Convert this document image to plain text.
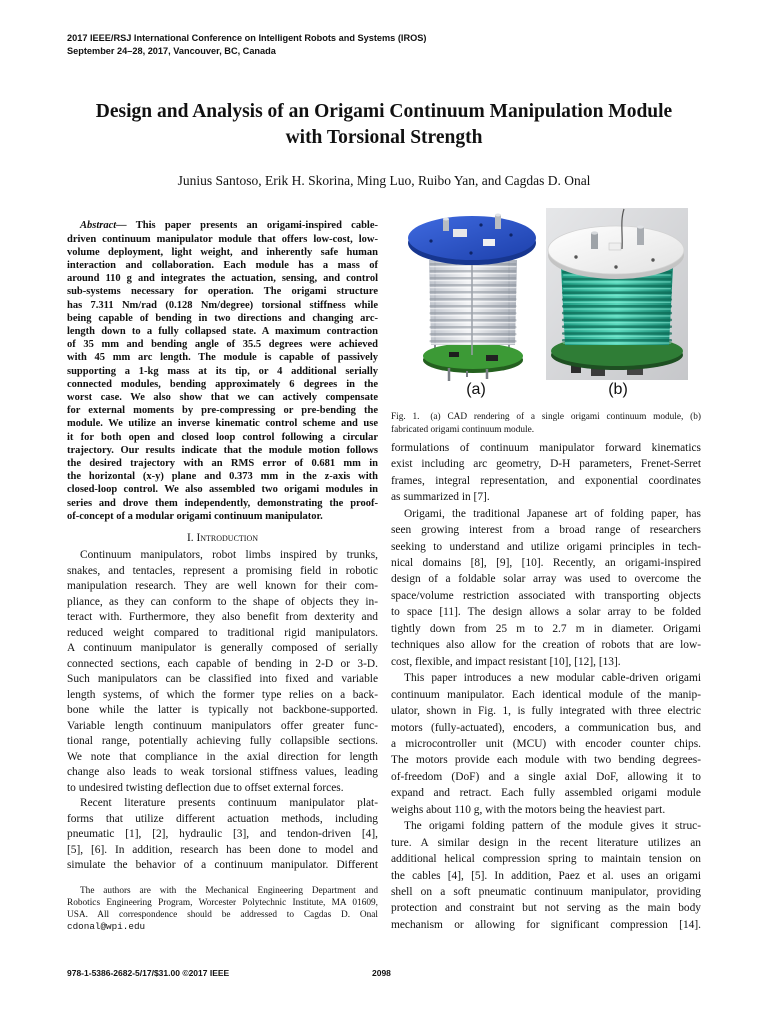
2017 IEEE/RSJ International Conference on Intelligent Robots and Systems (IROS)
September 24–28, 2017, Vancouver, BC, Canada
Design and Analysis of an Origami Continuum Manipulation Module
with Torsional Strength
Junius Santoso, Erik H. Skorina, Ming Luo, Ruibo Yan, and Cagdas D. Onal
Abstract— This paper presents an origami-inspired cable-
driven continuum manipulator module that offers low-cost, low-
volume deployment, light weight, and inherently safe human
interaction and collaboration. Each module has a mass of
around 110 g and integrates the actuation, sensing, and control
sub-systems necessary for operation. The origami structure
has 7.311 Nm/rad (0.128 Nm/degree) torsional stiffness while
being capable of bending in two directions and changing arc-
length down to a fully collapsed state. A maximum contraction
of 35 mm and bending angle of 35.5 degrees were achieved
with 45 mm arc length. The module is capable of passively
supporting a 1-kg mass at its tip, or 4 additional serially
connected modules, bending approximately 6 degrees in the
worst case. We also show that we can actively compensate
for external moments by pre-compressing or pre-bending the
module. We utilize an inverse kinematic control scheme and use
it for both open and closed loop control following a circular
trajectory. Our results indicate that the module motion follows
the desired trajectory with an RMS error of 0.681 mm in
the horizontal (x-y) plane and 0.373 mm in the z-axis with
closed-loop control. We also assembled two origami modules in
series and drove them independently, demonstrating the proof-
of-concept of a modular origami continuum manipulator.
I. Introduction
Continuum manipulators, robot limbs inspired by trunks,
snakes, and tentacles, represent a promising field in robotic
manipulation research. They are well known for their com-
pliance, as they can conform to the shape of objects they in-
teract with. Furthermore, they also benefit from dexterity and
reduced weight compared to traditional rigid manipulators.
A continuum manipulator is generally composed of serially
connected sections, each capable of bending in 2-D or 3-D.
Such manipulators can be classified into fixed and variable
length systems, of which the former type relies on a back-
bone while the latter is typically not backbone-supported.
Variable length continuum manipulators offer greater func-
tional range, potentially achieving fully collapsible sections.
We note that compliance in the axial direction for length
change also leads to weak torsional stiffness values, leading
to undesired twisting deflection due to offset external forces.
Recent literature presents continuum manipulator plat-
forms that utilize different actuation methods, including
pneumatic [1], [2], hydraulic [3], and tendon-driven [4],
[5], [6]. In addition, research has been done to model and
simulate the behavior of a continuum manipulator. Different
The authors are with the Mechanical Engineering Department and
Robotics Engineering Program, Worcester Polytechnic Institute, MA 01609,
USA. All correspondence should be addressed to Cagdas D. Onal
cdonal@wpi.edu
(a)	(b)
Fig. 1. (a) CAD rendering of a single origami continuum module, (b)
fabricated origami continuum module.
formulations of continuum manipulator forward kinematics
exist including arc geometry, D-H parameters, Frenet-Serret
frames, integral representation, and exponential coordinates
as summarized in [7].
Origami, the traditional Japanese art of folding paper, has
seen growing interest from a broad range of researchers
seeking to understand and utilize origami principles in tech-
nical domains [8], [9], [10]. Recently, an origami-inspired
design of a foldable solar array was used to overcome the
space/volume restriction associated with transporting objects
to space [11]. The design allows a solar array to be folded
tightly down from 25 m to 2.7 m in diameter. Origami
techniques also allow for the creation of robots that are low-
cost, flexible, and impact resistant [10], [12], [13].
This paper introduces a new modular cable-driven origami
continuum manipulator. Each identical module of the manip-
ulator, shown in Fig. 1, is fully integrated with three electric
motors (fully-actuated), encoders, a communication bus, and
a microcontroller unit (MCU) with encoder counter chips.
The motors provide each module with two bending degrees-
of-freedom (DoF) and a single axial DoF, allowing it to
expand and retract. Each fully assembled origami module
weighs about 110 g, with the motors being the heaviest part.
The origami folding pattern of the module gives it struc-
ture. A similar design in the recent literature utilizes an
additional helical compression spring to maintain tension on
the cables [4], [5]. In addition, Paez et al. uses an origami
shell on a soft pneumatic continuum manipulator, providing
protection and constraint but not serving as the main body
mechanism or allowing for significant compression [14].
978-1-5386-2682-5/17/$31.00 ©2017 IEEE	2098
